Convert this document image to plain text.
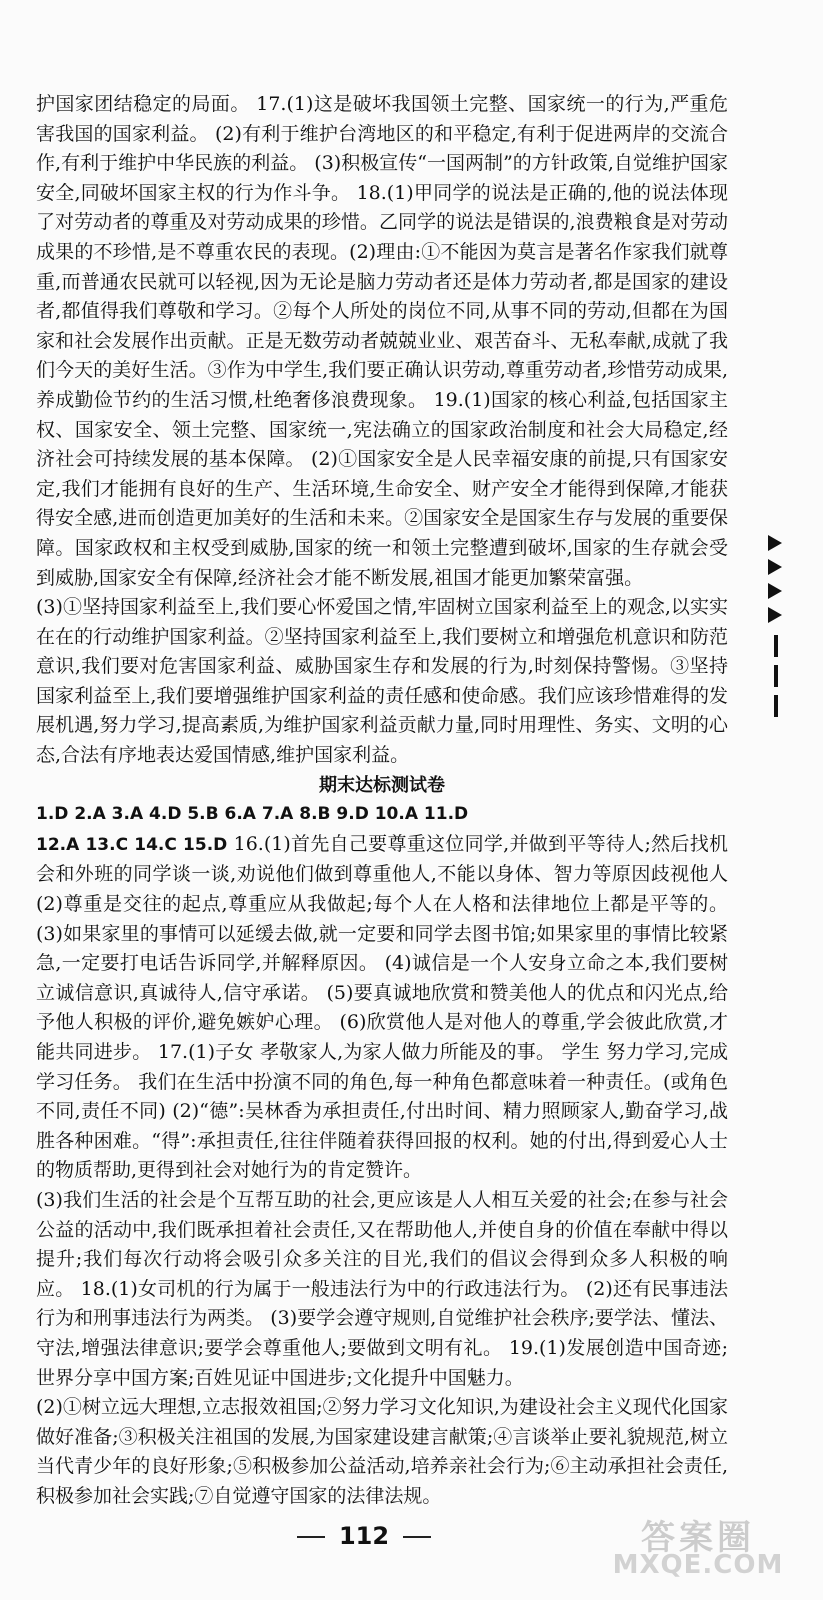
护国家团结稳定的局面。 17.(1)这是破坏我国领土完整、国家统一的行为,严重危害我国的国家利益。 (2)有利于维护台湾地区的和平稳定,有利于促进两岸的交流合作,有利于维护中华民族的利益。 (3)积极宣传“一国两制”的方针政策,自觉维护国家安全,同破坏国家主权的行为作斗争。 18.(1)甲同学的说法是正确的,他的说法体现了对劳动者的尊重及对劳动成果的珍惜。乙同学的说法是错误的,浪费粮食是对劳动成果的不珍惜,是不尊重农民的表现。(2)理由:①不能因为莫言是著名作家我们就尊重,而普通农民就可以轻视,因为无论是脑力劳动者还是体力劳动者,都是国家的建设者,都值得我们尊敬和学习。②每个人所处的岗位不同,从事不同的劳动,但都在为国家和社会发展作出贡献。正是无数劳动者兢兢业业、艰苦奋斗、无私奉献,成就了我们今天的美好生活。③作为中学生,我们要正确认识劳动,尊重劳动者,珍惜劳动成果,养成勤俭节约的生活习惯,杜绝奢侈浪费现象。 19.(1)国家的核心利益,包括国家主权、国家安全、领土完整、国家统一,宪法确立的国家政治制度和社会大局稳定,经济社会可持续发展的基本保障。 (2)①国家安全是人民幸福安康的前提,只有国家安定,我们才能拥有良好的生产、生活环境,生命安全、财产安全才能得到保障,才能获得安全感,进而创造更加美好的生活和未来。②国家安全是国家生存与发展的重要保障。国家政权和主权受到威胁,国家的统一和领土完整遭到破坏,国家的生存就会受到威胁,国家安全有保障,经济社会才能不断发展,祖国才能更加繁荣富强。

(3)①坚持国家利益至上,我们要心怀爱国之情,牢固树立国家利益至上的观念,以实实在在的行动维护国家利益。②坚持国家利益至上,我们要树立和增强危机意识和防范意识,我们要对危害国家利益、威胁国家生存和发展的行为,时刻保持警惕。③坚持国家利益至上,我们要增强维护国家利益的责任感和使命感。我们应该珍惜难得的发展机遇,努力学习,提高素质,为维护国家利益贡献力量,同时用理性、务实、文明的心态,合法有序地表达爱国情感,维护国家利益。

期末达标测试卷

1.D 2.A 3.A 4.D 5.B 6.A 7.A 8.B 9.D 10.A 11.D

12.A 13.C 14.C 15.D 16.(1)首先自己要尊重这位同学,并做到平等待人;然后找机会和外班的同学谈一谈,劝说他们做到尊重他人,不能以身体、智力等原因歧视他人 (2)尊重是交往的起点,尊重应从我做起;每个人在人格和法律地位上都是平等的。 (3)如果家里的事情可以延缓去做,就一定要和同学去图书馆;如果家里的事情比较紧急,一定要打电话告诉同学,并解释原因。 (4)诚信是一个人安身立命之本,我们要树立诚信意识,真诚待人,信守承诺。 (5)要真诚地欣赏和赞美他人的优点和闪光点,给予他人积极的评价,避免嫉妒心理。 (6)欣赏他人是对他人的尊重,学会彼此欣赏,才能共同进步。 17.(1)子女 孝敬家人,为家人做力所能及的事。 学生 努力学习,完成学习任务。 我们在生活中扮演不同的角色,每一种角色都意味着一种责任。(或角色不同,责任不同) (2)“德”:吴林香为承担责任,付出时间、精力照顾家人,勤奋学习,战胜各种困难。“得”:承担责任,往往伴随着获得回报的权利。她的付出,得到爱心人士的物质帮助,更得到社会对她行为的肯定赞许。

(3)我们生活的社会是个互帮互助的社会,更应该是人人相互关爱的社会;在参与社会公益的活动中,我们既承担着社会责任,又在帮助他人,并使自身的价值在奉献中得以提升;我们每次行动将会吸引众多关注的目光,我们的倡议会得到众多人积极的响应。 18.(1)女司机的行为属于一般违法行为中的行政违法行为。 (2)还有民事违法行为和刑事违法行为两类。 (3)要学会遵守规则,自觉维护社会秩序;要学法、懂法、守法,增强法律意识;要学会尊重他人;要做到文明有礼。 19.(1)发展创造中国奇迹;世界分享中国方案;百姓见证中国进步;文化提升中国魅力。

(2)①树立远大理想,立志报效祖国;②努力学习文化知识,为建设社会主义现代化国家做好准备;③积极关注祖国的发展,为国家建设建言献策;④言谈举止要礼貌规范,树立当代青少年的良好形象;⑤积极参加公益活动,培养亲社会行为;⑥主动承担社会责任,积极参加社会实践;⑦自觉遵守国家的法律法规。

112	答案圈
MXQE.COM
